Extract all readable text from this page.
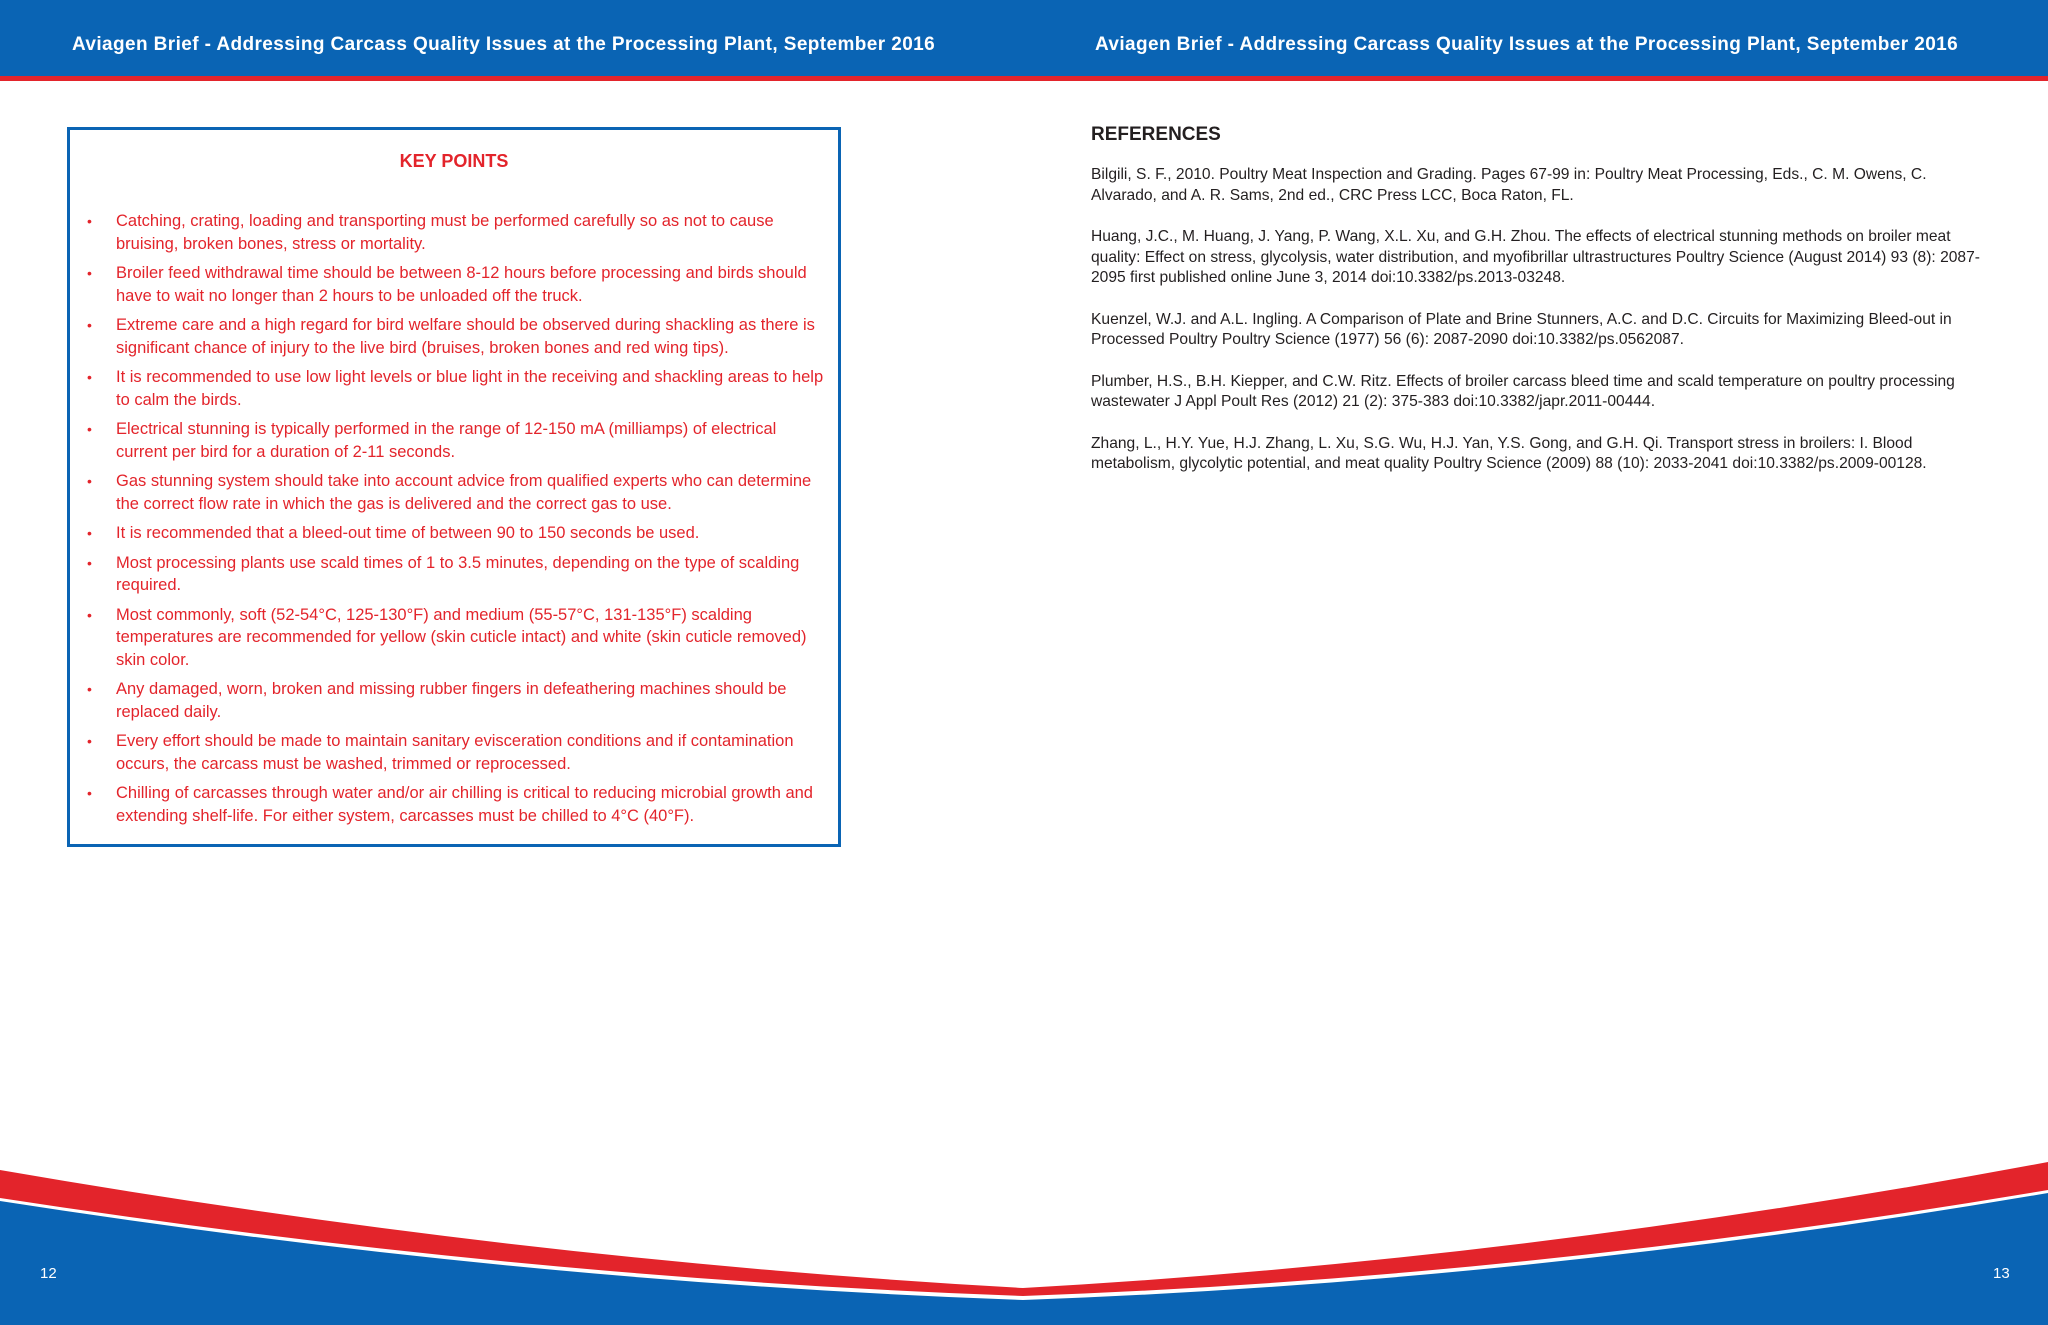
Aviagen Brief - Addressing Carcass Quality Issues at the Processing Plant, September 2016	Aviagen Brief - Addressing Carcass Quality Issues at the Processing Plant, September 2016
KEY POINTS
• Catching, crating, loading and transporting must be performed carefully so as not to cause bruising, broken bones, stress or mortality.
• Broiler feed withdrawal time should be between 8-12 hours before processing and birds should have to wait no longer than 2 hours to be unloaded off the truck.
• Extreme care and a high regard for bird welfare should be observed during shackling as there is significant chance of injury to the live bird (bruises, broken bones and red wing tips).
• It is recommended to use low light levels or blue light in the receiving and shackling areas to help to calm the birds.
• Electrical stunning is typically performed in the range of 12-150 mA (milliamps) of electrical current per bird for a duration of 2-11 seconds.
• Gas stunning system should take into account advice from qualified experts who can determine the correct flow rate in which the gas is delivered and the correct gas to use.
• It is recommended that a bleed-out time of between 90 to 150 seconds be used.
• Most processing plants use scald times of 1 to 3.5 minutes, depending on the type of scalding required.
• Most commonly, soft (52-54°C, 125-130°F) and medium (55-57°C, 131-135°F) scalding temperatures are recommended for yellow (skin cuticle intact) and white (skin cuticle removed) skin color.
• Any damaged, worn, broken and missing rubber fingers in defeathering machines should be replaced daily.
• Every effort should be made to maintain sanitary evisceration conditions and if contamination occurs, the carcass must be washed, trimmed or reprocessed.
• Chilling of carcasses through water and/or air chilling is critical to reducing microbial growth and extending shelf-life. For either system, carcasses must be chilled to 4°C (40°F).
REFERENCES
Bilgili, S. F., 2010. Poultry Meat Inspection and Grading. Pages 67-99 in: Poultry Meat Processing, Eds., C. M. Owens, C. Alvarado, and A. R. Sams, 2nd ed., CRC Press LCC, Boca Raton, FL.
Huang, J.C., M. Huang, J. Yang, P. Wang, X.L. Xu, and G.H. Zhou. The effects of electrical stunning methods on broiler meat quality: Effect on stress, glycolysis, water distribution, and myofibrillar ultrastructures Poultry Science (August 2014) 93 (8): 2087-2095 first published online June 3, 2014 doi:10.3382/ps.2013-03248.
Kuenzel, W.J. and A.L. Ingling. A Comparison of Plate and Brine Stunners, A.C. and D.C. Circuits for Maximizing Bleed-out in Processed Poultry Poultry Science (1977) 56 (6): 2087-2090 doi:10.3382/ps.0562087.
Plumber, H.S., B.H. Kiepper, and C.W. Ritz. Effects of broiler carcass bleed time and scald temperature on poultry processing wastewater J Appl Poult Res (2012) 21 (2): 375-383 doi:10.3382/japr.2011-00444.
Zhang, L., H.Y. Yue, H.J. Zhang, L. Xu, S.G. Wu, H.J. Yan, Y.S. Gong, and G.H. Qi. Transport stress in broilers: I. Blood metabolism, glycolytic potential, and meat quality Poultry Science (2009) 88 (10): 2033-2041 doi:10.3382/ps.2009-00128.
12	13
